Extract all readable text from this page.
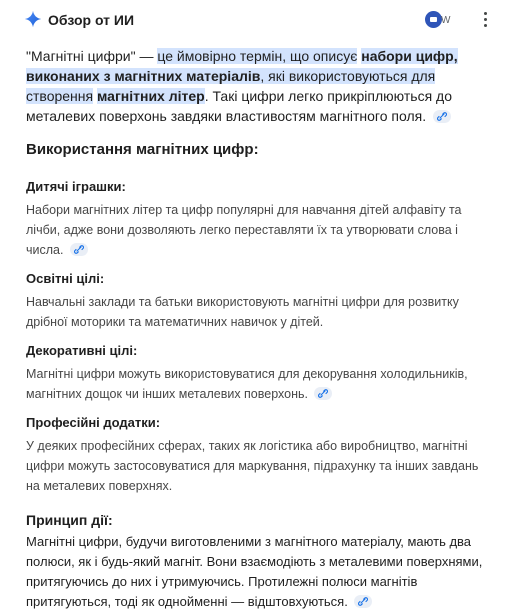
Обзор от ИИ	W

"Магнітні цифри" — це ймовірно термін, що описує набори цифр, виконаних з магнітних матеріалів, які використовуються для створення магнітних літер. Такі цифри легко прикріплюються до металевих поверхонь завдяки властивостям магнітного поля.

Використання магнітних цифр:

Дитячі іграшки:

Набори магнітних літер та цифр популярні для навчання дітей алфавіту та лічби, адже вони дозволяють легко переставляти їх та утворювати слова і числа.

Освітні цілі:

Навчальні заклади та батьки використовують магнітні цифри для розвитку дрібної моторики та математичних навичок у дітей.

Декоративні цілі:

Магнітні цифри можуть використовуватися для декорування холодильників, магнітних дощок чи інших металевих поверхонь.

Професійні додатки:

У деяких професійних сферах, таких як логістика або виробництво, магнітні цифри можуть застосовуватися для маркування, підрахунку та інших завдань на металевих поверхнях.

Принцип дії:

Магнітні цифри, будучи виготовленими з магнітного матеріалу, мають два полюси, як і будь-який магніт. Вони взаємодіють з металевими поверхнями, притягуючись до них і утримуючись. Протилежні полюси магнітів притягуються, тоді як однойменні — відштовхуються.
